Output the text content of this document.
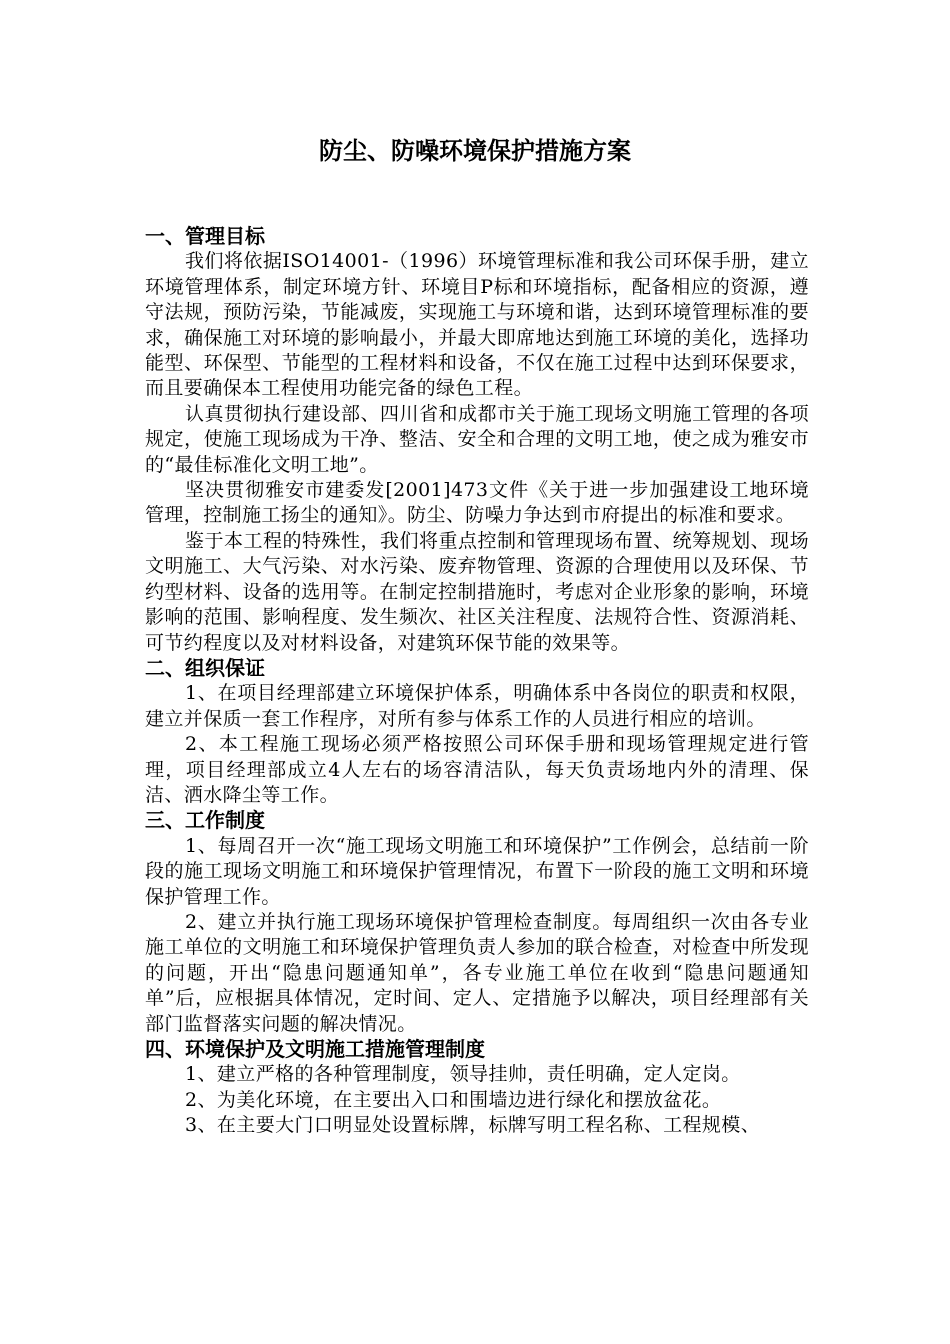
防尘、防噪环境保护措施方案

一、管理目标

我们将依据ISO14001-（1996）环境管理标准和我公司环保手册，建立环境管理体系，制定环境方针、环境目P标和环境指标，配备相应的资源，遵守法规，预防污染，节能减废，实现施工与环境和谐，达到环境管理标准的要求，确保施工对环境的影响最小，并最大即席地达到施工环境的美化，选择功能型、环保型、节能型的工程材料和设备，不仅在施工过程中达到环保要求，而且要确保本工程使用功能完备的绿色工程。

认真贯彻执行建设部、四川省和成都市关于施工现场文明施工管理的各项规定，使施工现场成为干净、整洁、安全和合理的文明工地，使之成为雅安市的“最佳标准化文明工地”。

坚决贯彻雅安市建委发[2001]473文件《关于进一步加强建设工地环境管理，控制施工扬尘的通知》。防尘、防噪力争达到市府提出的标准和要求。

鉴于本工程的特殊性，我们将重点控制和管理现场布置、统筹规划、现场文明施工、大气污染、对水污染、废弃物管理、资源的合理使用以及环保、节约型材料、设备的选用等。在制定控制措施时，考虑对企业形象的影响，环境影响的范围、影响程度、发生频次、社区关注程度、法规符合性、资源消耗、可节约程度以及对材料设备，对建筑环保节能的效果等。

二、组织保证

1、在项目经理部建立环境保护体系，明确体系中各岗位的职责和权限，建立并保质一套工作程序，对所有参与体系工作的人员进行相应的培训。

2、本工程施工现场必须严格按照公司环保手册和现场管理规定进行管理，项目经理部成立4人左右的场容清洁队，每天负责场地内外的清理、保洁、洒水降尘等工作。

三、工作制度

1、每周召开一次“施工现场文明施工和环境保护”工作例会，总结前一阶段的施工现场文明施工和环境保护管理情况，布置下一阶段的施工文明和环境保护管理工作。

2、建立并执行施工现场环境保护管理检查制度。每周组织一次由各专业施工单位的文明施工和环境保护管理负责人参加的联合检查，对检查中所发现的问题，开出“隐患问题通知单”，各专业施工单位在收到“隐患问题通知单”后，应根据具体情况，定时间、定人、定措施予以解决，项目经理部有关部门监督落实问题的解决情况。

四、环境保护及文明施工措施管理制度

1、建立严格的各种管理制度，领导挂帅，责任明确，定人定岗。

2、为美化环境，在主要出入口和围墙边进行绿化和摆放盆花。

3、在主要大门口明显处设置标牌，标牌写明工程名称、工程规模、
